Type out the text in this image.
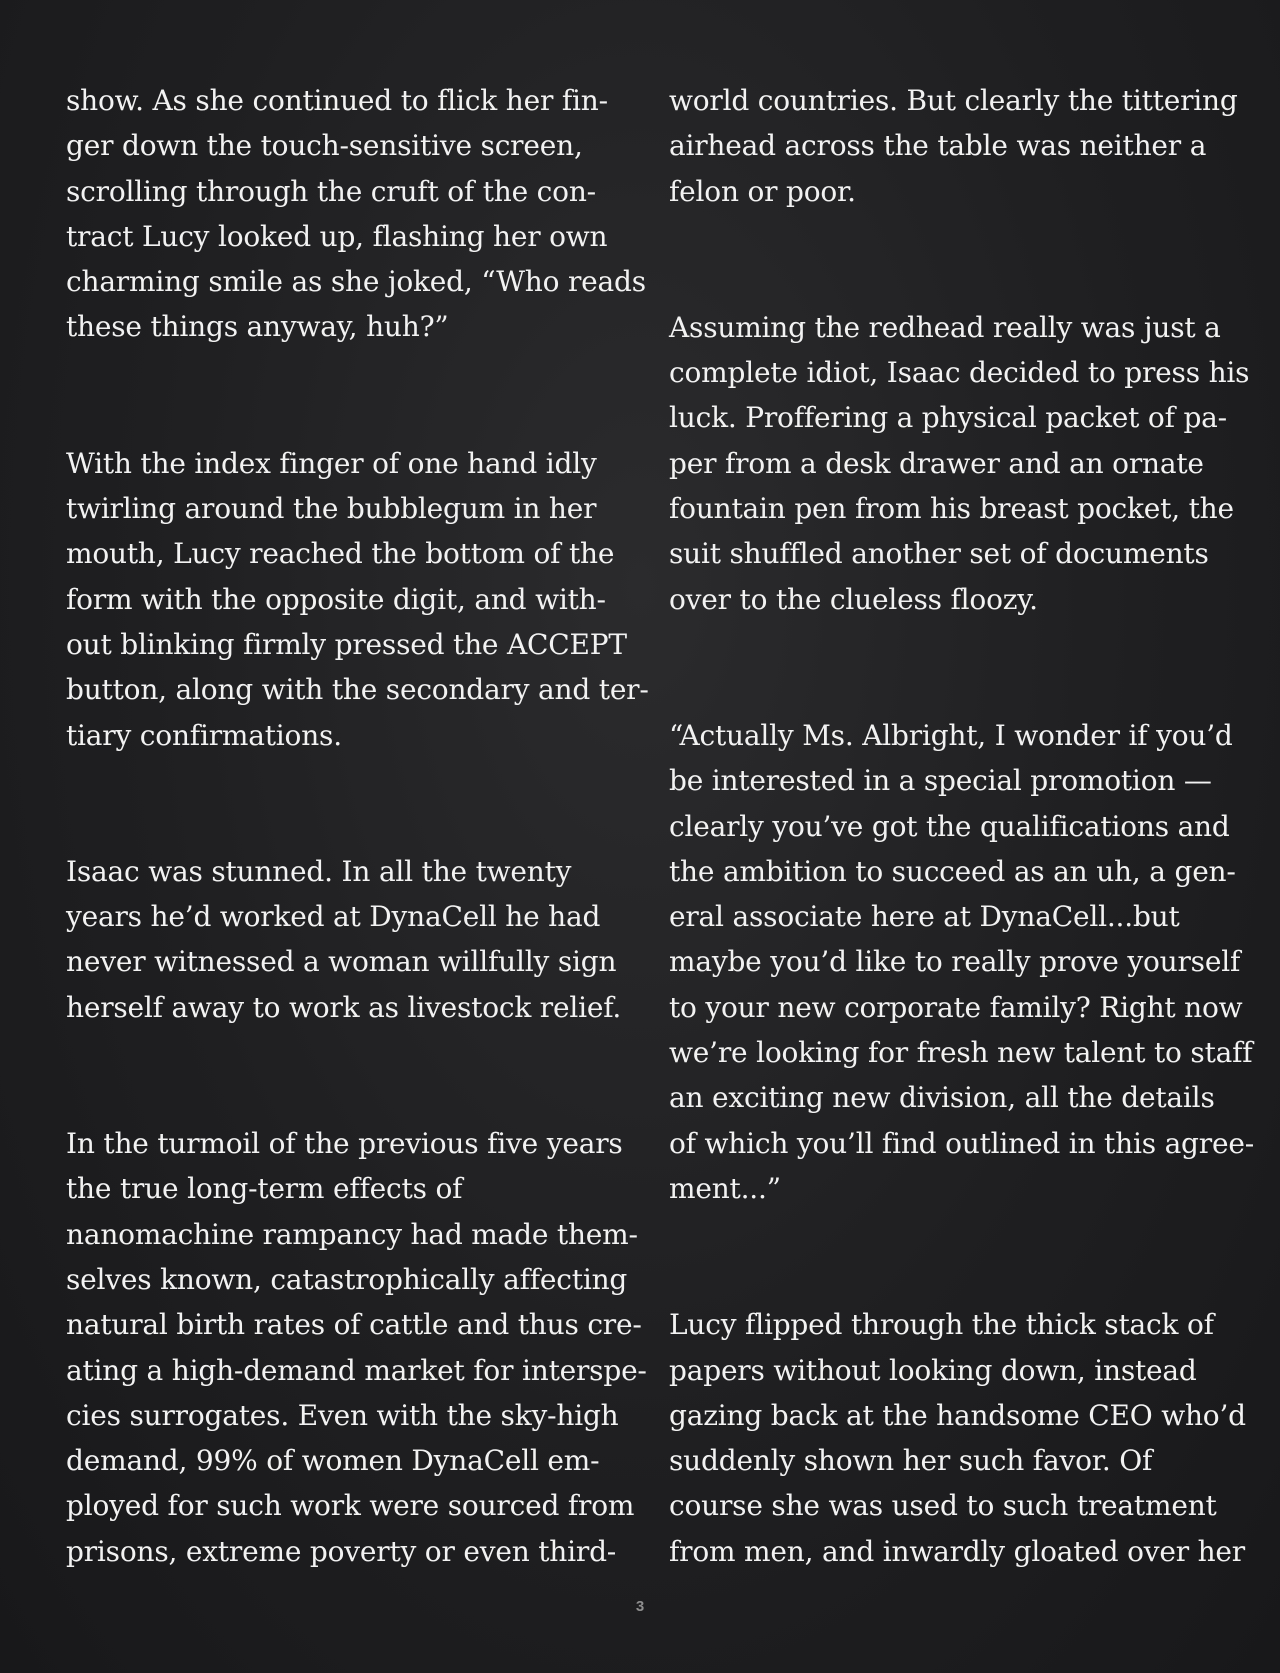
show. As she continued to flick her fin-
ger down the touch-sensitive screen,
scrolling through the cruft of the con-
tract Lucy looked up, flashing her own
charming smile as she joked, “Who reads
these things anyway, huh?”

With the index finger of one hand idly
twirling around the bubblegum in her
mouth, Lucy reached the bottom of the
form with the opposite digit, and with-
out blinking firmly pressed the ACCEPT
button, along with the secondary and ter-
tiary confirmations.

Isaac was stunned. In all the twenty
years he’d worked at DynaCell he had
never witnessed a woman willfully sign
herself away to work as livestock relief.

In the turmoil of the previous five years
the true long-term effects of
nanomachine rampancy had made them-
selves known, catastrophically affecting
natural birth rates of cattle and thus cre-
ating a high-demand market for interspe-
cies surrogates. Even with the sky-high
demand, 99% of women DynaCell em-
ployed for such work were sourced from
prisons, extreme poverty or even third-

world countries. But clearly the tittering
airhead across the table was neither a
felon or poor.

Assuming the redhead really was just a
complete idiot, Isaac decided to press his
luck. Proffering a physical packet of pa-
per from a desk drawer and an ornate
fountain pen from his breast pocket, the
suit shuffled another set of documents
over to the clueless floozy.

“Actually Ms. Albright, I wonder if you’d
be interested in a special promotion —
clearly you’ve got the qualifications and
the ambition to succeed as an uh, a gen-
eral associate here at DynaCell...but
maybe you’d like to really prove yourself
to your new corporate family? Right now
we’re looking for fresh new talent to staff
an exciting new division, all the details
of which you’ll find outlined in this agree-
ment...”

Lucy flipped through the thick stack of
papers without looking down, instead
gazing back at the handsome CEO who’d
suddenly shown her such favor. Of
course she was used to such treatment
from men, and inwardly gloated over her

3
